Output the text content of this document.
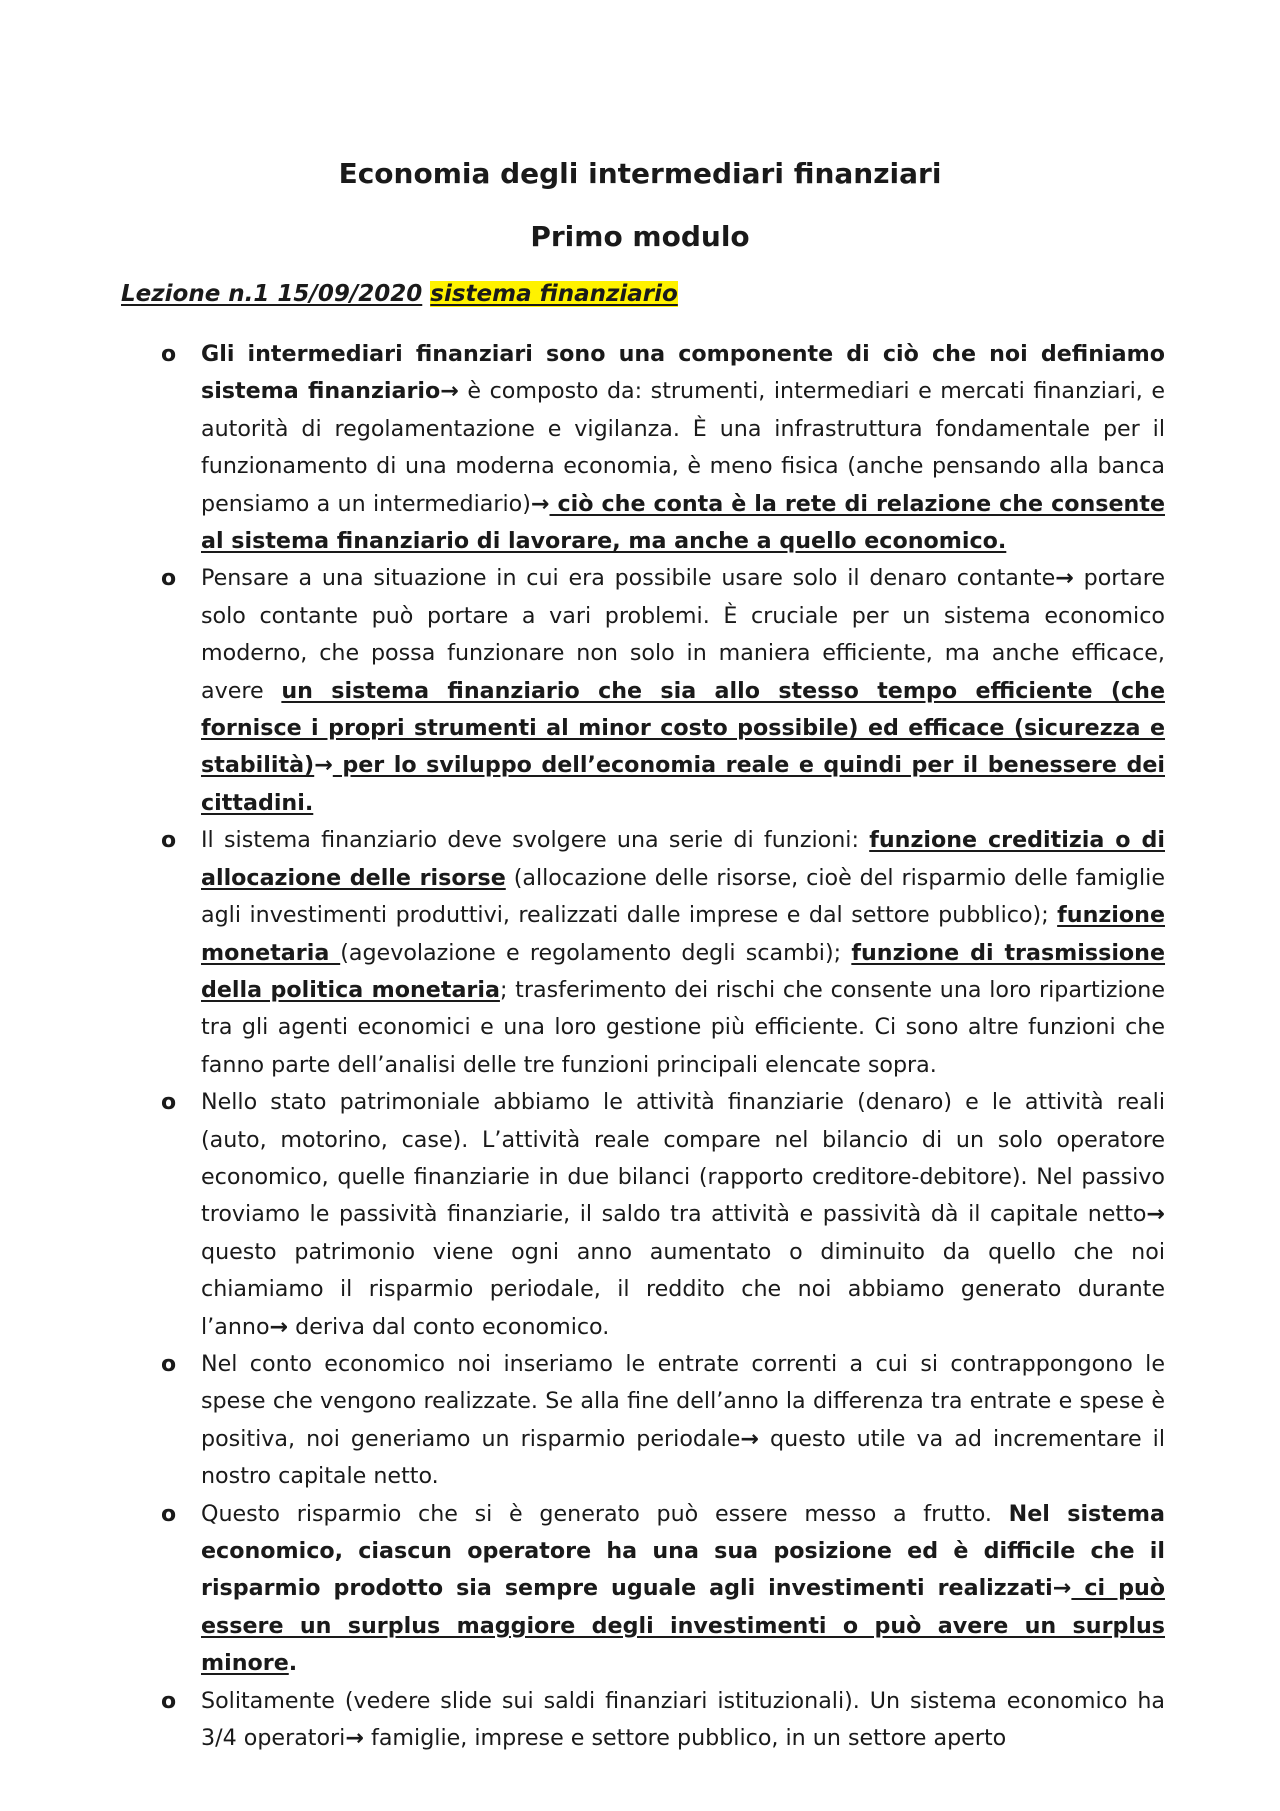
Economia degli intermediari finanziari
Primo modulo

Lezione n.1 15/09/2020 sistema finanziario

o Gli intermediari finanziari sono una componente di ciò che noi definiamo sistema finanziario→ è composto da: strumenti, intermediari e mercati finanziari, e autorità di regolamentazione e vigilanza. È una infrastruttura fondamentale per il funzionamento di una moderna economia, è meno fisica (anche pensando alla banca pensiamo a un intermediario)→ ciò che conta è la rete di relazione che consente al sistema finanziario di lavorare, ma anche a quello economico.
o Pensare a una situazione in cui era possibile usare solo il denaro contante→ portare solo contante può portare a vari problemi. È cruciale per un sistema economico moderno, che possa funzionare non solo in maniera efficiente, ma anche efficace, avere un sistema finanziario che sia allo stesso tempo efficiente (che fornisce i propri strumenti al minor costo possibile) ed efficace (sicurezza e stabilità)→ per lo sviluppo dell’economia reale e quindi per il benessere dei cittadini.
o Il sistema finanziario deve svolgere una serie di funzioni: funzione creditizia o di allocazione delle risorse (allocazione delle risorse, cioè del risparmio delle famiglie agli investimenti produttivi, realizzati dalle imprese e dal settore pubblico); funzione monetaria (agevolazione e regolamento degli scambi); funzione di trasmissione della politica monetaria; trasferimento dei rischi che consente una loro ripartizione tra gli agenti economici e una loro gestione più efficiente. Ci sono altre funzioni che fanno parte dell’analisi delle tre funzioni principali elencate sopra.
o Nello stato patrimoniale abbiamo le attività finanziarie (denaro) e le attività reali (auto, motorino, case). L’attività reale compare nel bilancio di un solo operatore economico, quelle finanziarie in due bilanci (rapporto creditore-debitore). Nel passivo troviamo le passività finanziarie, il saldo tra attività e passività dà il capitale netto→ questo patrimonio viene ogni anno aumentato o diminuito da quello che noi chiamiamo il risparmio periodale, il reddito che noi abbiamo generato durante l’anno→ deriva dal conto economico.
o Nel conto economico noi inseriamo le entrate correnti a cui si contrappongono le spese che vengono realizzate. Se alla fine dell’anno la differenza tra entrate e spese è positiva, noi generiamo un risparmio periodale→ questo utile va ad incrementare il nostro capitale netto.
o Questo risparmio che si è generato può essere messo a frutto. Nel sistema economico, ciascun operatore ha una sua posizione ed è difficile che il risparmio prodotto sia sempre uguale agli investimenti realizzati→ ci può essere un surplus maggiore degli investimenti o può avere un surplus minore.
o Solitamente (vedere slide sui saldi finanziari istituzionali). Un sistema economico ha 3/4 operatori→ famiglie, imprese e settore pubblico, in un settore aperto
